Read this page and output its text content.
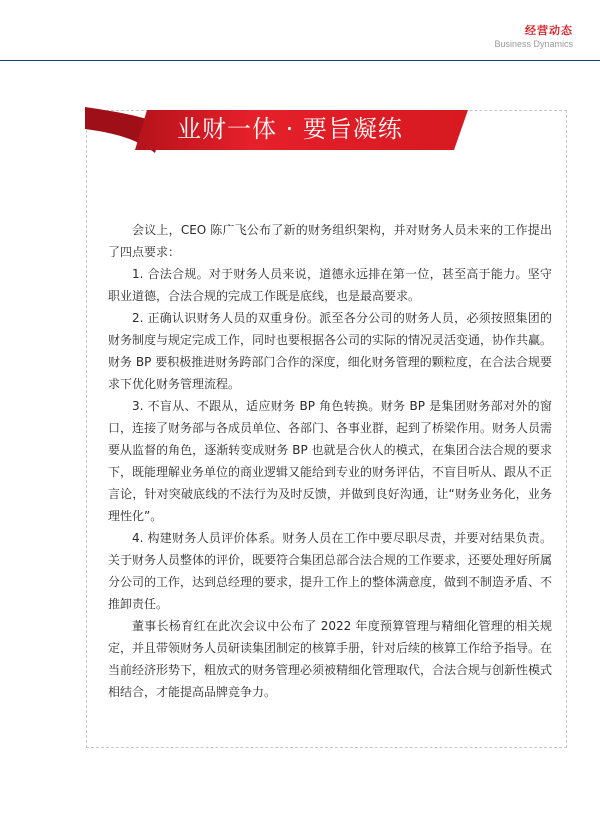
经营动态
Business Dynamics
业财一体 · 要旨凝练

会议上，CEO 陈广飞公布了新的财务组织架构，并对财务人员未来的工作提出了四点要求：

1. 合法合规。对于财务人员来说，道德永远排在第一位，甚至高于能力。坚守职业道德，合法合规的完成工作既是底线，也是最高要求。

2. 正确认识财务人员的双重身份。派至各分公司的财务人员，必须按照集团的财务制度与规定完成工作，同时也要根据各公司的实际的情况灵活变通，协作共赢。财务 BP 要积极推进财务跨部门合作的深度，细化财务管理的颗粒度，在合法合规要求下优化财务管理流程。

3. 不盲从、不跟从，适应财务 BP 角色转换。财务 BP 是集团财务部对外的窗口，连接了财务部与各成员单位、各部门、各事业群，起到了桥梁作用。财务人员需要从监督的角色，逐渐转变成财务 BP 也就是合伙人的模式，在集团合法合规的要求下，既能理解业务单位的商业逻辑又能给到专业的财务评估，不盲目听从、跟从不正言论，针对突破底线的不法行为及时反馈，并做到良好沟通，让“财务业务化，业务理性化”。

4. 构建财务人员评价体系。财务人员在工作中要尽职尽责，并要对结果负责。关于财务人员整体的评价，既要符合集团总部合法合规的工作要求，还要处理好所属分公司的工作，达到总经理的要求，提升工作上的整体满意度，做到不制造矛盾、不推卸责任。

董事长杨育红在此次会议中公布了 2022 年度预算管理与精细化管理的相关规定，并且带领财务人员研读集团制定的核算手册，针对后续的核算工作给予指导。在当前经济形势下，粗放式的财务管理必须被精细化管理取代，合法合规与创新性模式相结合，才能提高品牌竞争力。
